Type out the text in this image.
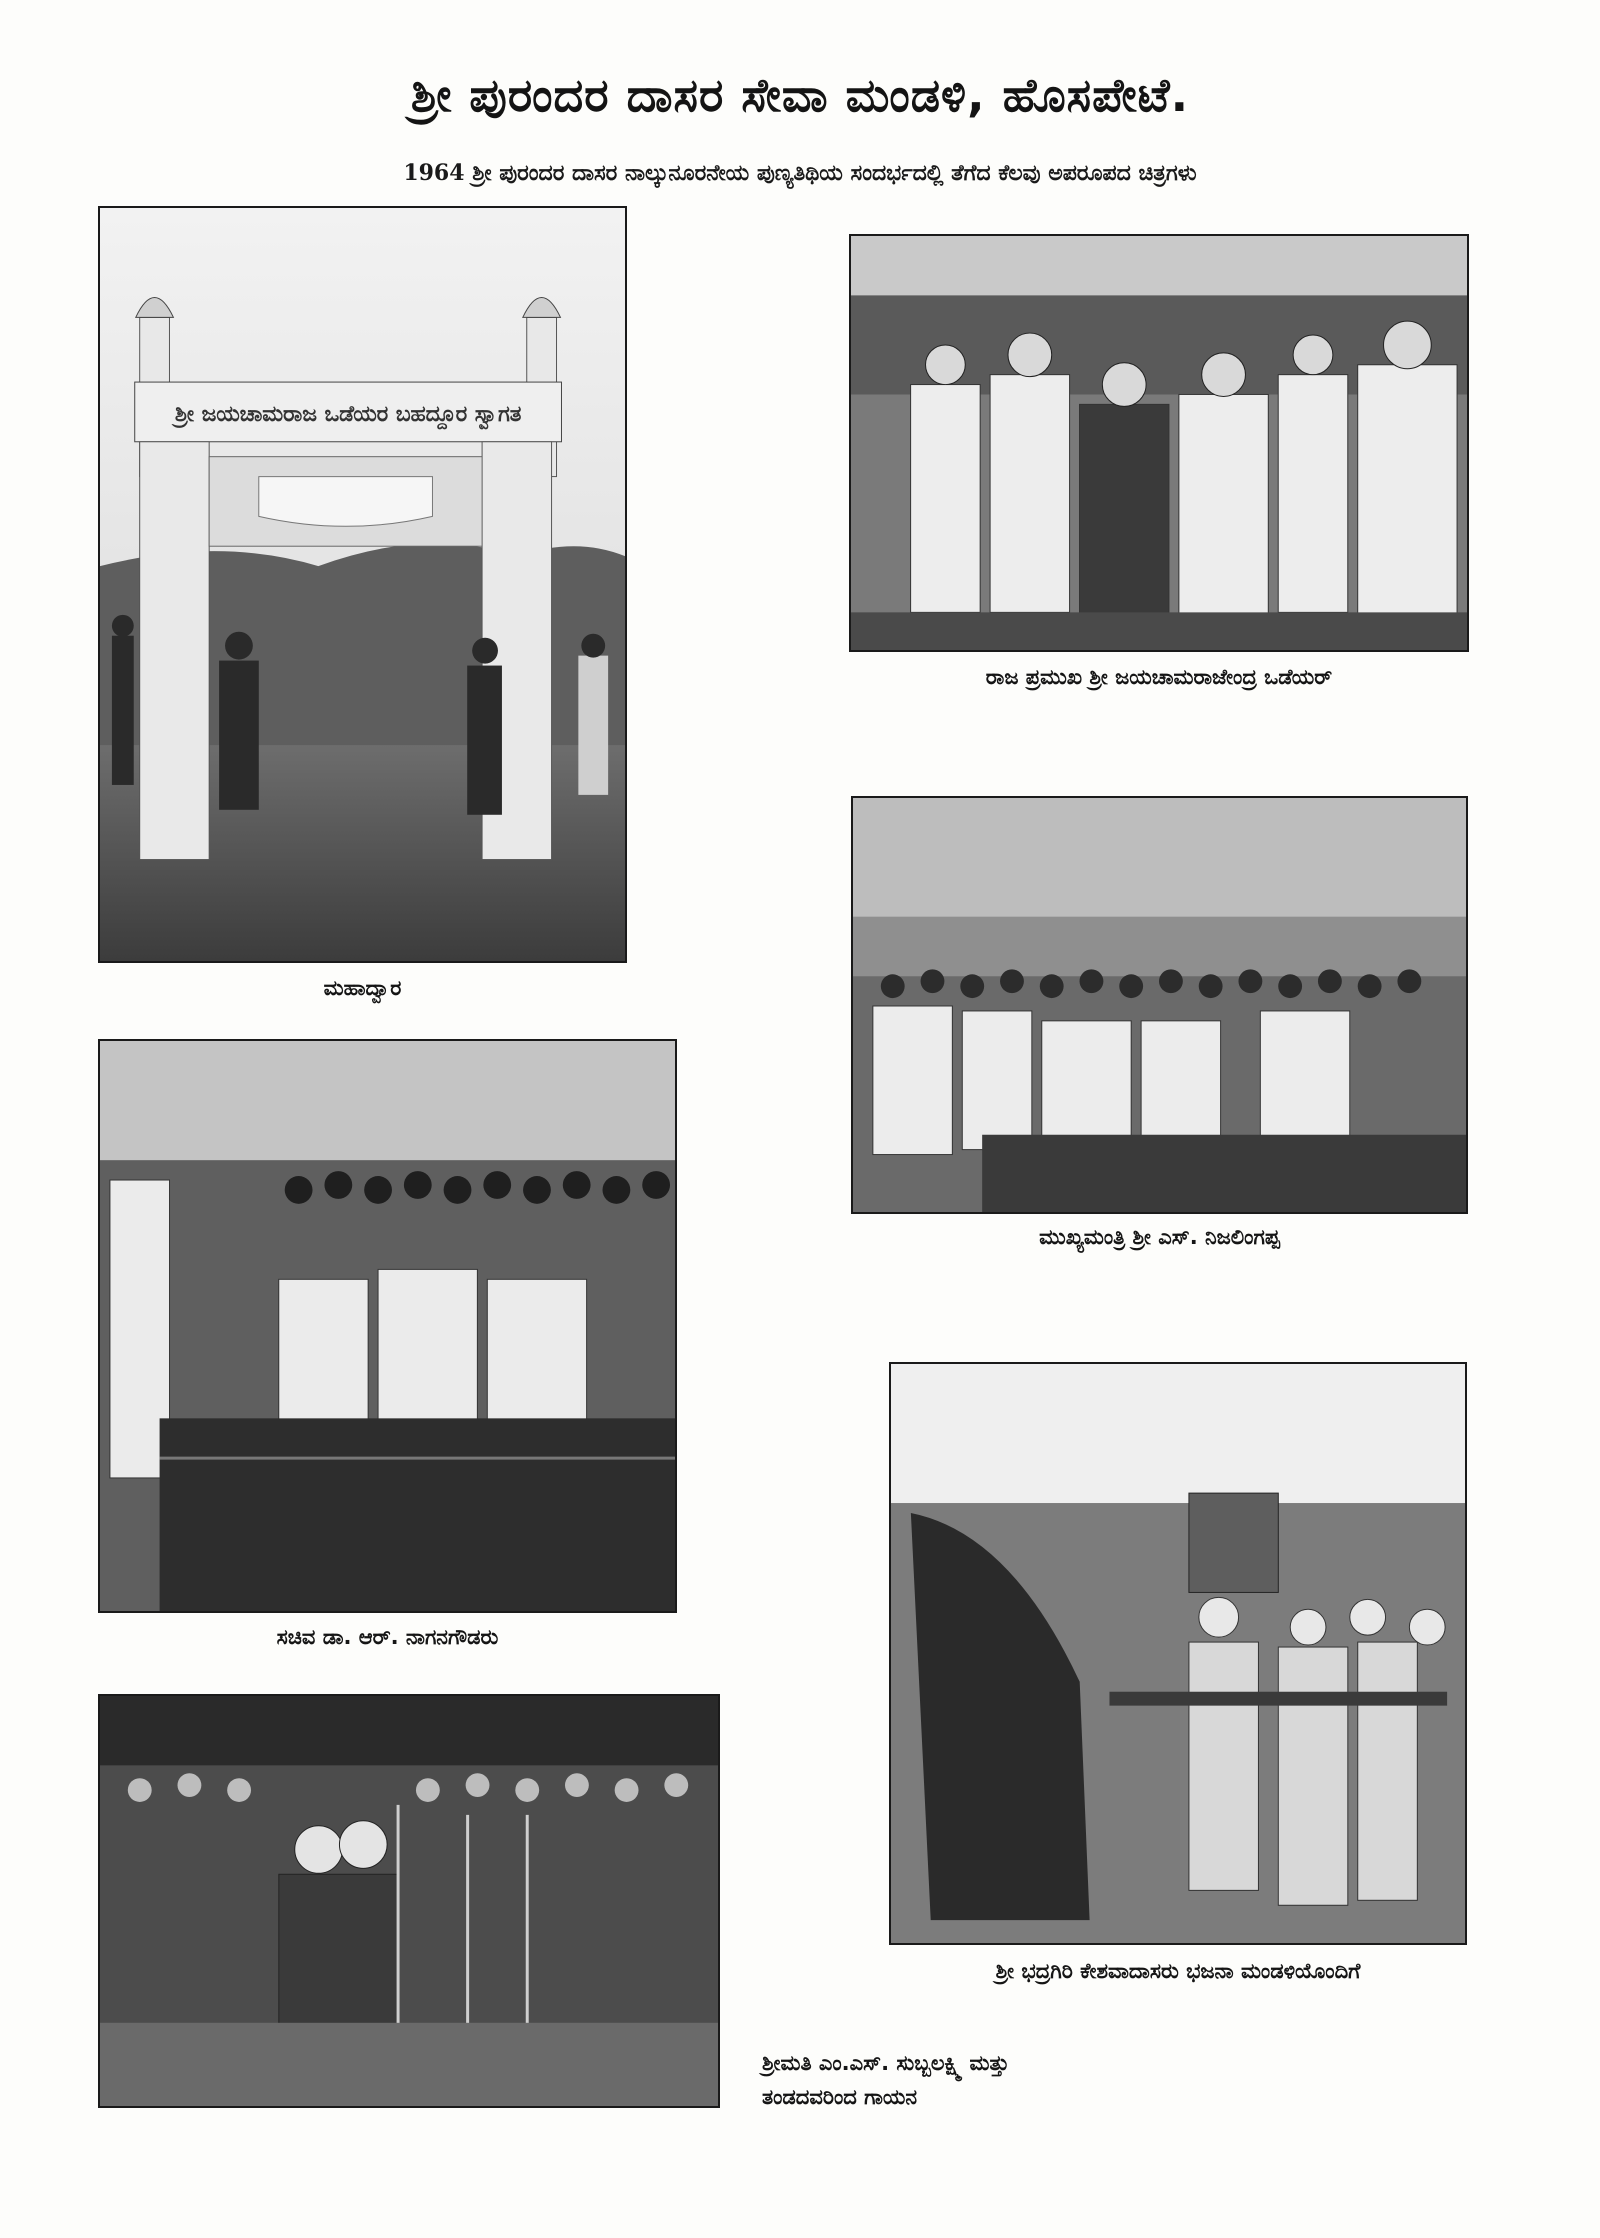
ಶ್ರೀ ಪುರಂದರ ದಾಸರ ಸೇವಾ ಮಂಡಳಿ, ಹೊಸಪೇಟೆ.
1964 ಶ್ರೀ ಪುರಂದರ ದಾಸರ ನಾಲ್ಕುನೂರನೇಯ ಪುಣ್ಯತಿಥಿಯ ಸಂದರ್ಭದಲ್ಲಿ ತೆಗೆದ ಕೆಲವು ಅಪರೂಪದ ಚಿತ್ರಗಳು
ಶ್ರೀ ಜಯಚಾಮರಾಜ ಒಡೆಯರ ಬಹದ್ದೂರ ಸ್ವಾಗತ
ಮಹಾದ್ವಾರ
ರಾಜ ಪ್ರಮುಖ ಶ್ರೀ ಜಯಚಾಮರಾಜೇಂದ್ರ ಒಡೆಯರ್
ಮುಖ್ಯಮಂತ್ರಿ ಶ್ರೀ ಎಸ್. ನಿಜಲಿಂಗಪ್ಪ
ಸಚಿವ ಡಾ. ಆರ್. ನಾಗನಗೌಡರು
ಶ್ರೀ ಭದ್ರಗಿರಿ ಕೇಶವಾದಾಸರು ಭಜನಾ ಮಂಡಳಿಯೊಂದಿಗೆ
ಶ್ರೀಮತಿ ಎಂ.ಎಸ್. ಸುಬ್ಬಲಕ್ಷ್ಮಿ ಮತ್ತು
ತಂಡದವರಿಂದ ಗಾಯನ
